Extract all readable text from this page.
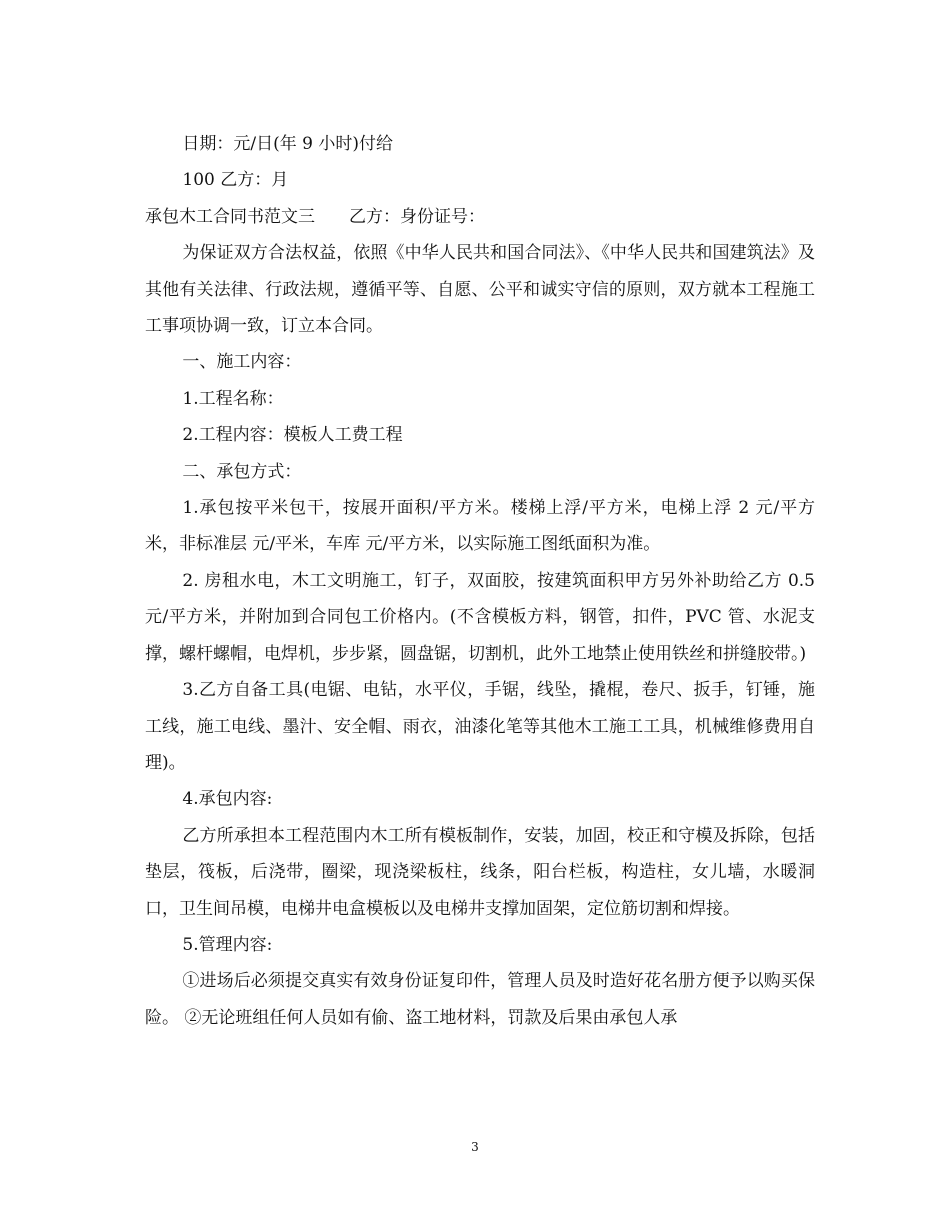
日期：元/日(年 9 小时)付给

100 乙方：月

承包木工合同书范文三　　乙方：身份证号：

为保证双方合法权益，依照《中华人民共和国合同法》、《中华人民共和国建筑法》及其他有关法律、行政法规，遵循平等、自愿、公平和诚实守信的原则，双方就本工程施工工事项协调一致，订立本合同。

一、施工内容：

1.工程名称：

2.工程内容：模板人工费工程

二、承包方式：

1.承包按平米包干，按展开面积/平方米。楼梯上浮/平方米，电梯上浮 2 元/平方米，非标准层 元/平米，车库 元/平方米，以实际施工图纸面积为准。

2. 房租水电，木工文明施工，钉子，双面胶，按建筑面积甲方另外补助给乙方 0.5 元/平方米，并附加到合同包工价格内。(不含模板方料，钢管，扣件，PVC 管、水泥支撑，螺杆螺帽，电焊机，步步紧，圆盘锯，切割机，此外工地禁止使用铁丝和拼缝胶带。)

3.乙方自备工具(电锯、电钻，水平仪，手锯，线坠，撬棍，卷尺、扳手，钉锤，施工线，施工电线、墨汁、安全帽、雨衣，油漆化笔等其他木工施工工具，机械维修费用自理)。

4.承包内容:

乙方所承担本工程范围内木工所有模板制作，安装，加固，校正和守模及拆除，包括垫层，筏板，后浇带，圈梁，现浇梁板柱，线条，阳台栏板，构造柱，女儿墙，水暖洞口，卫生间吊模，电梯井电盒模板以及电梯井支撑加固架，定位筋切割和焊接。

5.管理内容:

①进场后必须提交真实有效身份证复印件，管理人员及时造好花名册方便予以购买保险。 ②无论班组任何人员如有偷、盗工地材料，罚款及后果由承包人承

3
